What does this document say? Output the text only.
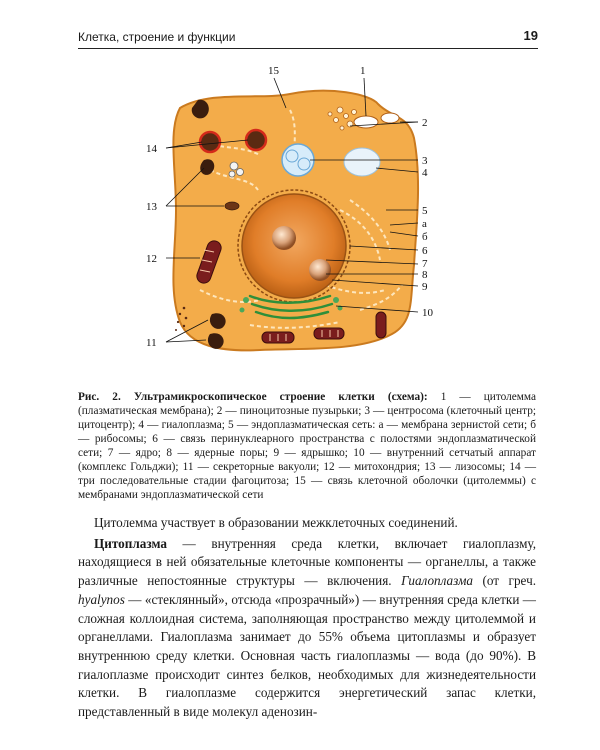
Клетка, строение и функции	19
15	1
2
3
4
5
а
б
6
7
8
9
10
14
13
12
11
Рис. 2. Ультрамикроскопическое строение клетки (схема): 1 — цитолемма (плазматическая мембрана); 2 — пиноцитозные пузырьки; 3 — центросома (клеточный центр; цитоцентр); 4 — гиалоплазма; 5 — эндоплазматическая сеть: а — мембрана зернистой сети; б — рибосомы; 6 — связь перинуклеарного пространства с полостями эндоплазматической сети; 7 — ядро; 8 — ядерные поры; 9 — ядрышко; 10 — внутренний сетчатый аппарат (комплекс Гольджи); 11 — секреторные вакуоли; 12 — митохондрия; 13 — лизосомы; 14 — три последовательные стадии фагоцитоза; 15 — связь клеточной оболочки (цитолеммы) с мембранами эндоплазматической сети

Цитолемма участвует в образовании межклеточных соединений.

Цитоплазма — внутренняя среда клетки, включает гиалоплазму, находящиеся в ней обязательные клеточные компоненты — органеллы, а также различные непостоянные структуры — включения. Гиалоплазма (от греч. hyalynos — «стеклянный», отсюда «прозрачный») — внутренняя среда клетки — сложная коллоидная система, заполняющая пространство между цитолеммой и органеллами. Гиалоплазма занимает до 55% объема цитоплазмы и образует внутреннюю среду клетки. Основная часть гиалоплазмы — вода (до 90%). В гиалоплазме происходит синтез белков, необходимых для жизнедеятельности клетки. В гиалоплазме содержится энергетический запас клетки, представленный в виде молекул аденозин-
